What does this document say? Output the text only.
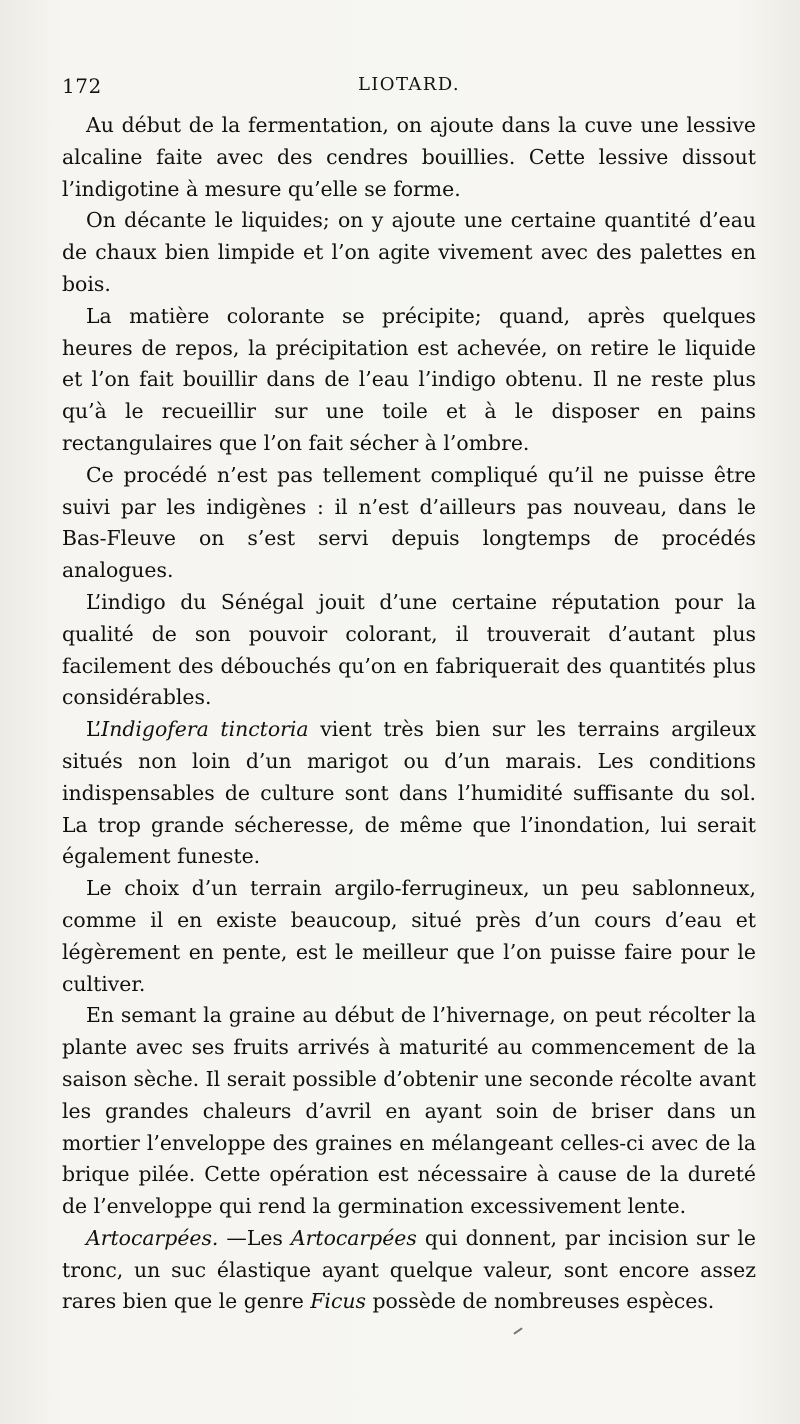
172	LIOTARD.

Au début de la fermentation, on ajoute dans la cuve une lessive alcaline faite avec des cendres bouillies. Cette lessive dissout l’indigotine à mesure qu’elle se forme.

On décante le liquides; on y ajoute une certaine quantité d’eau de chaux bien limpide et l’on agite vivement avec des palettes en bois.

La matière colorante se précipite; quand, après quelques heures de repos, la précipitation est achevée, on retire le liquide et l’on fait bouillir dans de l’eau l’indigo obtenu. Il ne reste plus qu’à le recueillir sur une toile et à le disposer en pains rectangulaires que l’on fait sécher à l’ombre.

Ce procédé n’est pas tellement compliqué qu’il ne puisse être suivi par les indigènes : il n’est d’ailleurs pas nouveau, dans le Bas-Fleuve on s’est servi depuis longtemps de procédés analogues.

L’indigo du Sénégal jouit d’une certaine réputation pour la qualité de son pouvoir colorant, il trouverait d’autant plus facilement des débouchés qu’on en fabriquerait des quantités plus considérables.

L’Indigofera tinctoria vient très bien sur les terrains argileux situés non loin d’un marigot ou d’un marais. Les conditions indispensables de culture sont dans l’humidité suffisante du sol. La trop grande sécheresse, de même que l’inondation, lui serait également funeste.

Le choix d’un terrain argilo-ferrugineux, un peu sablonneux, comme il en existe beaucoup, situé près d’un cours d’eau et légèrement en pente, est le meilleur que l’on puisse faire pour le cultiver.

En semant la graine au début de l’hivernage, on peut récolter la plante avec ses fruits arrivés à maturité au commencement de la saison sèche. Il serait possible d’obtenir une seconde récolte avant les grandes chaleurs d’avril en ayant soin de briser dans un mortier l’enveloppe des graines en mélangeant celles-ci avec de la brique pilée. Cette opération est nécessaire à cause de la dureté de l’enveloppe qui rend la germination excessivement lente.

Artocarpées. —Les Artocarpées qui donnent, par incision sur le tronc, un suc élastique ayant quelque valeur, sont encore assez rares bien que le genre Ficus possède de nombreuses espèces.
